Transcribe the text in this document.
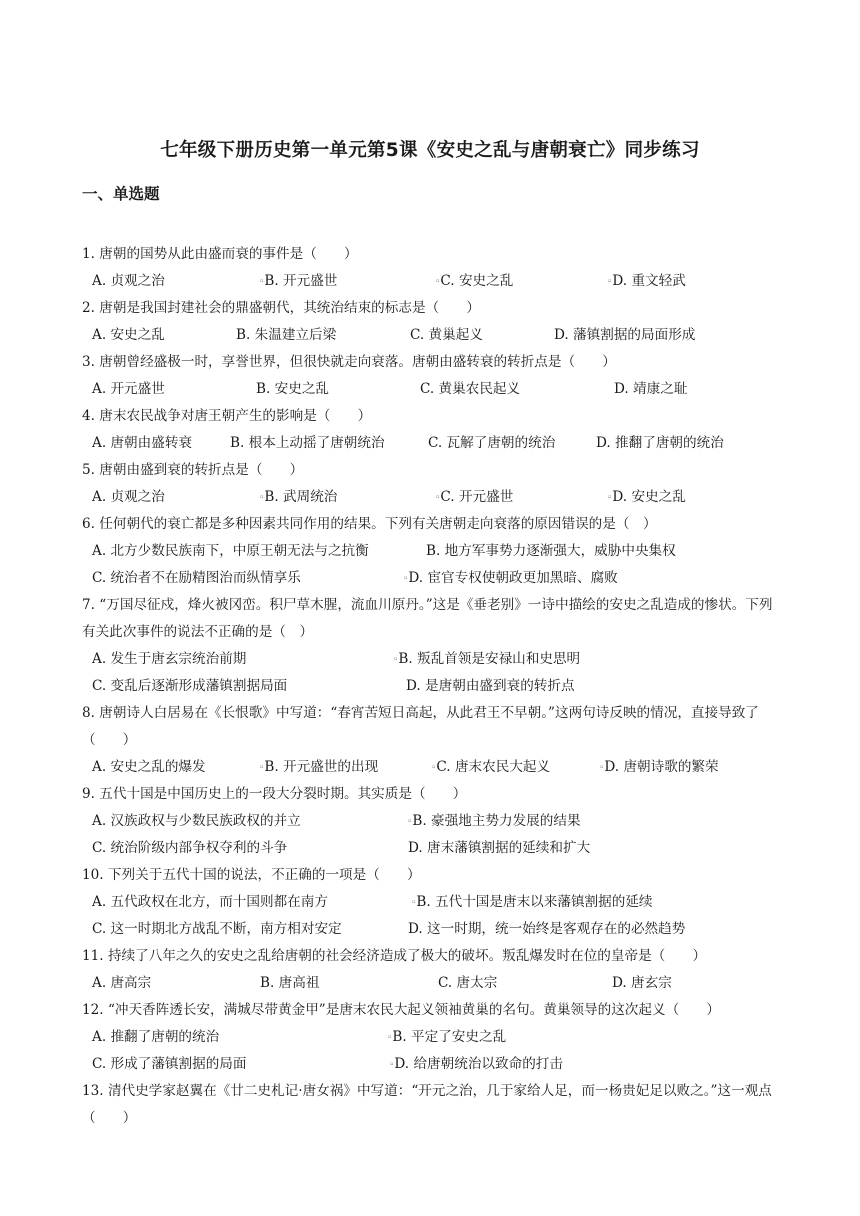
七年级下册历史第一单元第5课《安史之乱与唐朝衰亡》同步练习
一、单选题
1. 唐朝的国势从此由盛而衰的事件是（　　）
A. 贞观之治	▫B. 开元盛世	▫C. 安史之乱	▫D. 重文轻武
2. 唐朝是我国封建社会的鼎盛朝代，其统治结束的标志是（　　）
A. 安史之乱	B. 朱温建立后梁	C. 黄巢起义	D. 藩镇割据的局面形成
3. 唐朝曾经盛极一时，享誉世界，但很快就走向衰落。唐朝由盛转衰的转折点是（　　）
A. 开元盛世	B. 安史之乱	C. 黄巢农民起义	D. 靖康之耻
4. 唐末农民战争对唐王朝产生的影响是（　　）
A. 唐朝由盛转衰	B. 根本上动摇了唐朝统治	C. 瓦解了唐朝的统治	D. 推翻了唐朝的统治
5. 唐朝由盛到衰的转折点是（　　）
A. 贞观之治	▫B. 武周统治	▫C. 开元盛世	▫D. 安史之乱
6. 任何朝代的衰亡都是多种因素共同作用的结果。下列有关唐朝走向衰落的原因错误的是（　）
A. 北方少数民族南下，中原王朝无法与之抗衡	B. 地方军事势力逐渐强大，威胁中央集权
C. 统治者不在励精图治而纵情享乐	▫D. 宦官专权使朝政更加黑暗、腐败
7. “万国尽征戍，烽火被冈峦。积尸草木腥，流血川原丹。”这是《垂老别》一诗中描绘的安史之乱造成的惨状。下列有关此次事件的说法不正确的是（　）
A. 发生于唐玄宗统治前期	▫B. 叛乱首领是安禄山和史思明
C. 变乱后逐渐形成藩镇割据局面	D. 是唐朝由盛到衰的转折点
8. 唐朝诗人白居易在《长恨歌》中写道：“春宵苦短日高起，从此君王不早朝。”这两句诗反映的情况，直接导致了（　　）
A. 安史之乱的爆发	▫B. 开元盛世的出现	▫C. 唐末农民大起义	▫D. 唐朝诗歌的繁荣
9. 五代十国是中国历史上的一段大分裂时期。其实质是（　　）
A. 汉族政权与少数民族政权的并立	▫B. 豪强地主势力发展的结果
C. 统治阶级内部争权夺利的斗争	D. 唐末藩镇割据的延续和扩大
10. 下列关于五代十国的说法，不正确的一项是（　　）
A. 五代政权在北方，而十国则都在南方	▫B. 五代十国是唐末以来藩镇割据的延续
C. 这一时期北方战乱不断，南方相对安定	D. 这一时期，统一始终是客观存在的必然趋势
11. 持续了八年之久的安史之乱给唐朝的社会经济造成了极大的破坏。叛乱爆发时在位的皇帝是（　　）
A. 唐高宗	B. 唐高祖	C. 唐太宗	D. 唐玄宗
12. “冲天香阵透长安，满城尽带黄金甲”是唐末农民大起义领袖黄巢的名句。黄巢领导的这次起义（　　）
A. 推翻了唐朝的统治	▫B. 平定了安史之乱
C. 形成了藩镇割据的局面	▫D. 给唐朝统治以致命的打击
13. 清代史学家赵翼在《廿二史札记·唐女祸》中写道：“开元之治，几于家给人足，而一杨贵妃足以败之。”这一观点（　　）
